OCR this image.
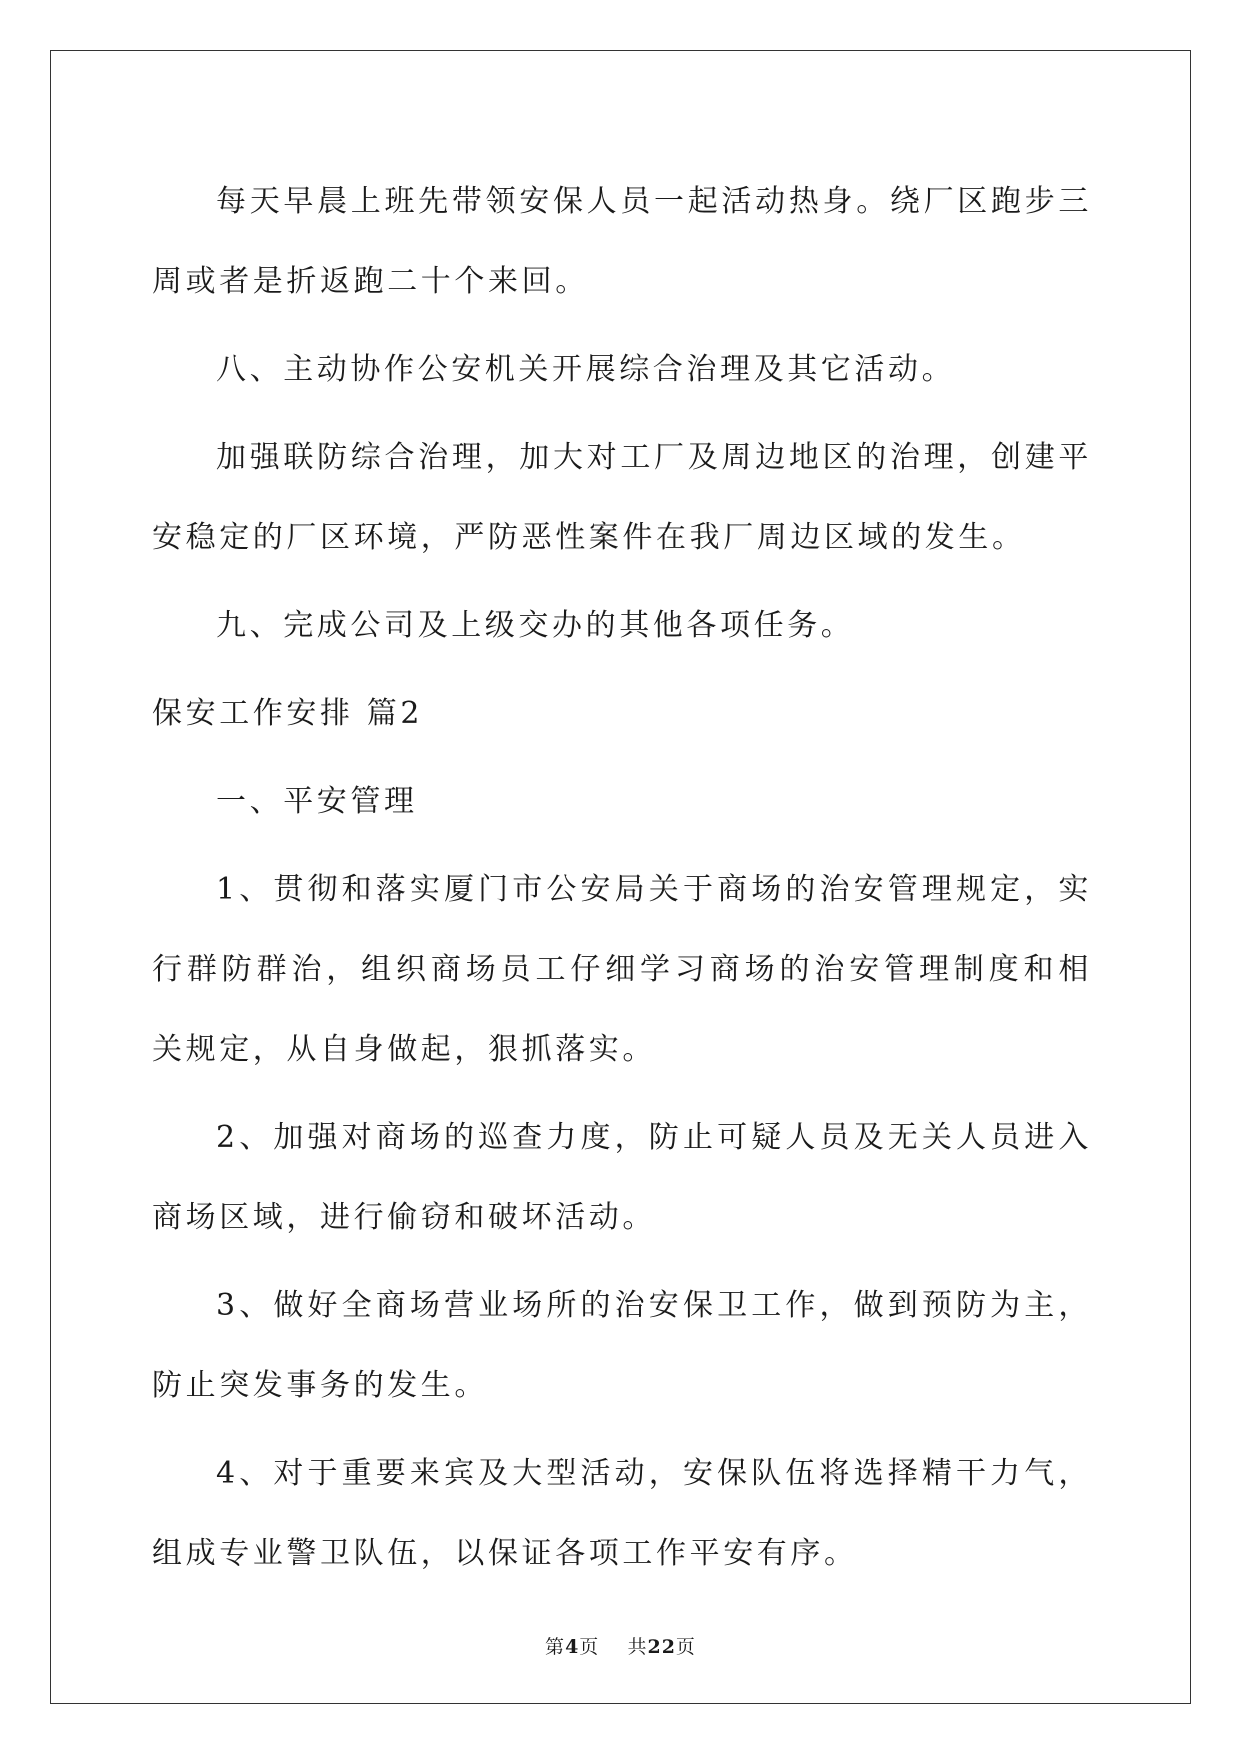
每天早晨上班先带领安保人员一起活动热身。绕厂区跑步三周或者是折返跑二十个来回。

八、主动协作公安机关开展综合治理及其它活动。

加强联防综合治理，加大对工厂及周边地区的治理，创建平安稳定的厂区环境，严防恶性案件在我厂周边区域的发生。

九、完成公司及上级交办的其他各项任务。

保安工作安排 篇2

一、平安管理

1、贯彻和落实厦门市公安局关于商场的治安管理规定，实行群防群治，组织商场员工仔细学习商场的治安管理制度和相关规定，从自身做起，狠抓落实。

2、加强对商场的巡查力度，防止可疑人员及无关人员进入商场区域，进行偷窃和破坏活动。

3、做好全商场营业场所的治安保卫工作，做到预防为主，防止突发事务的发生。

4、对于重要来宾及大型活动，安保队伍将选择精干力气，组成专业警卫队伍，以保证各项工作平安有序。

第4页    共22页
